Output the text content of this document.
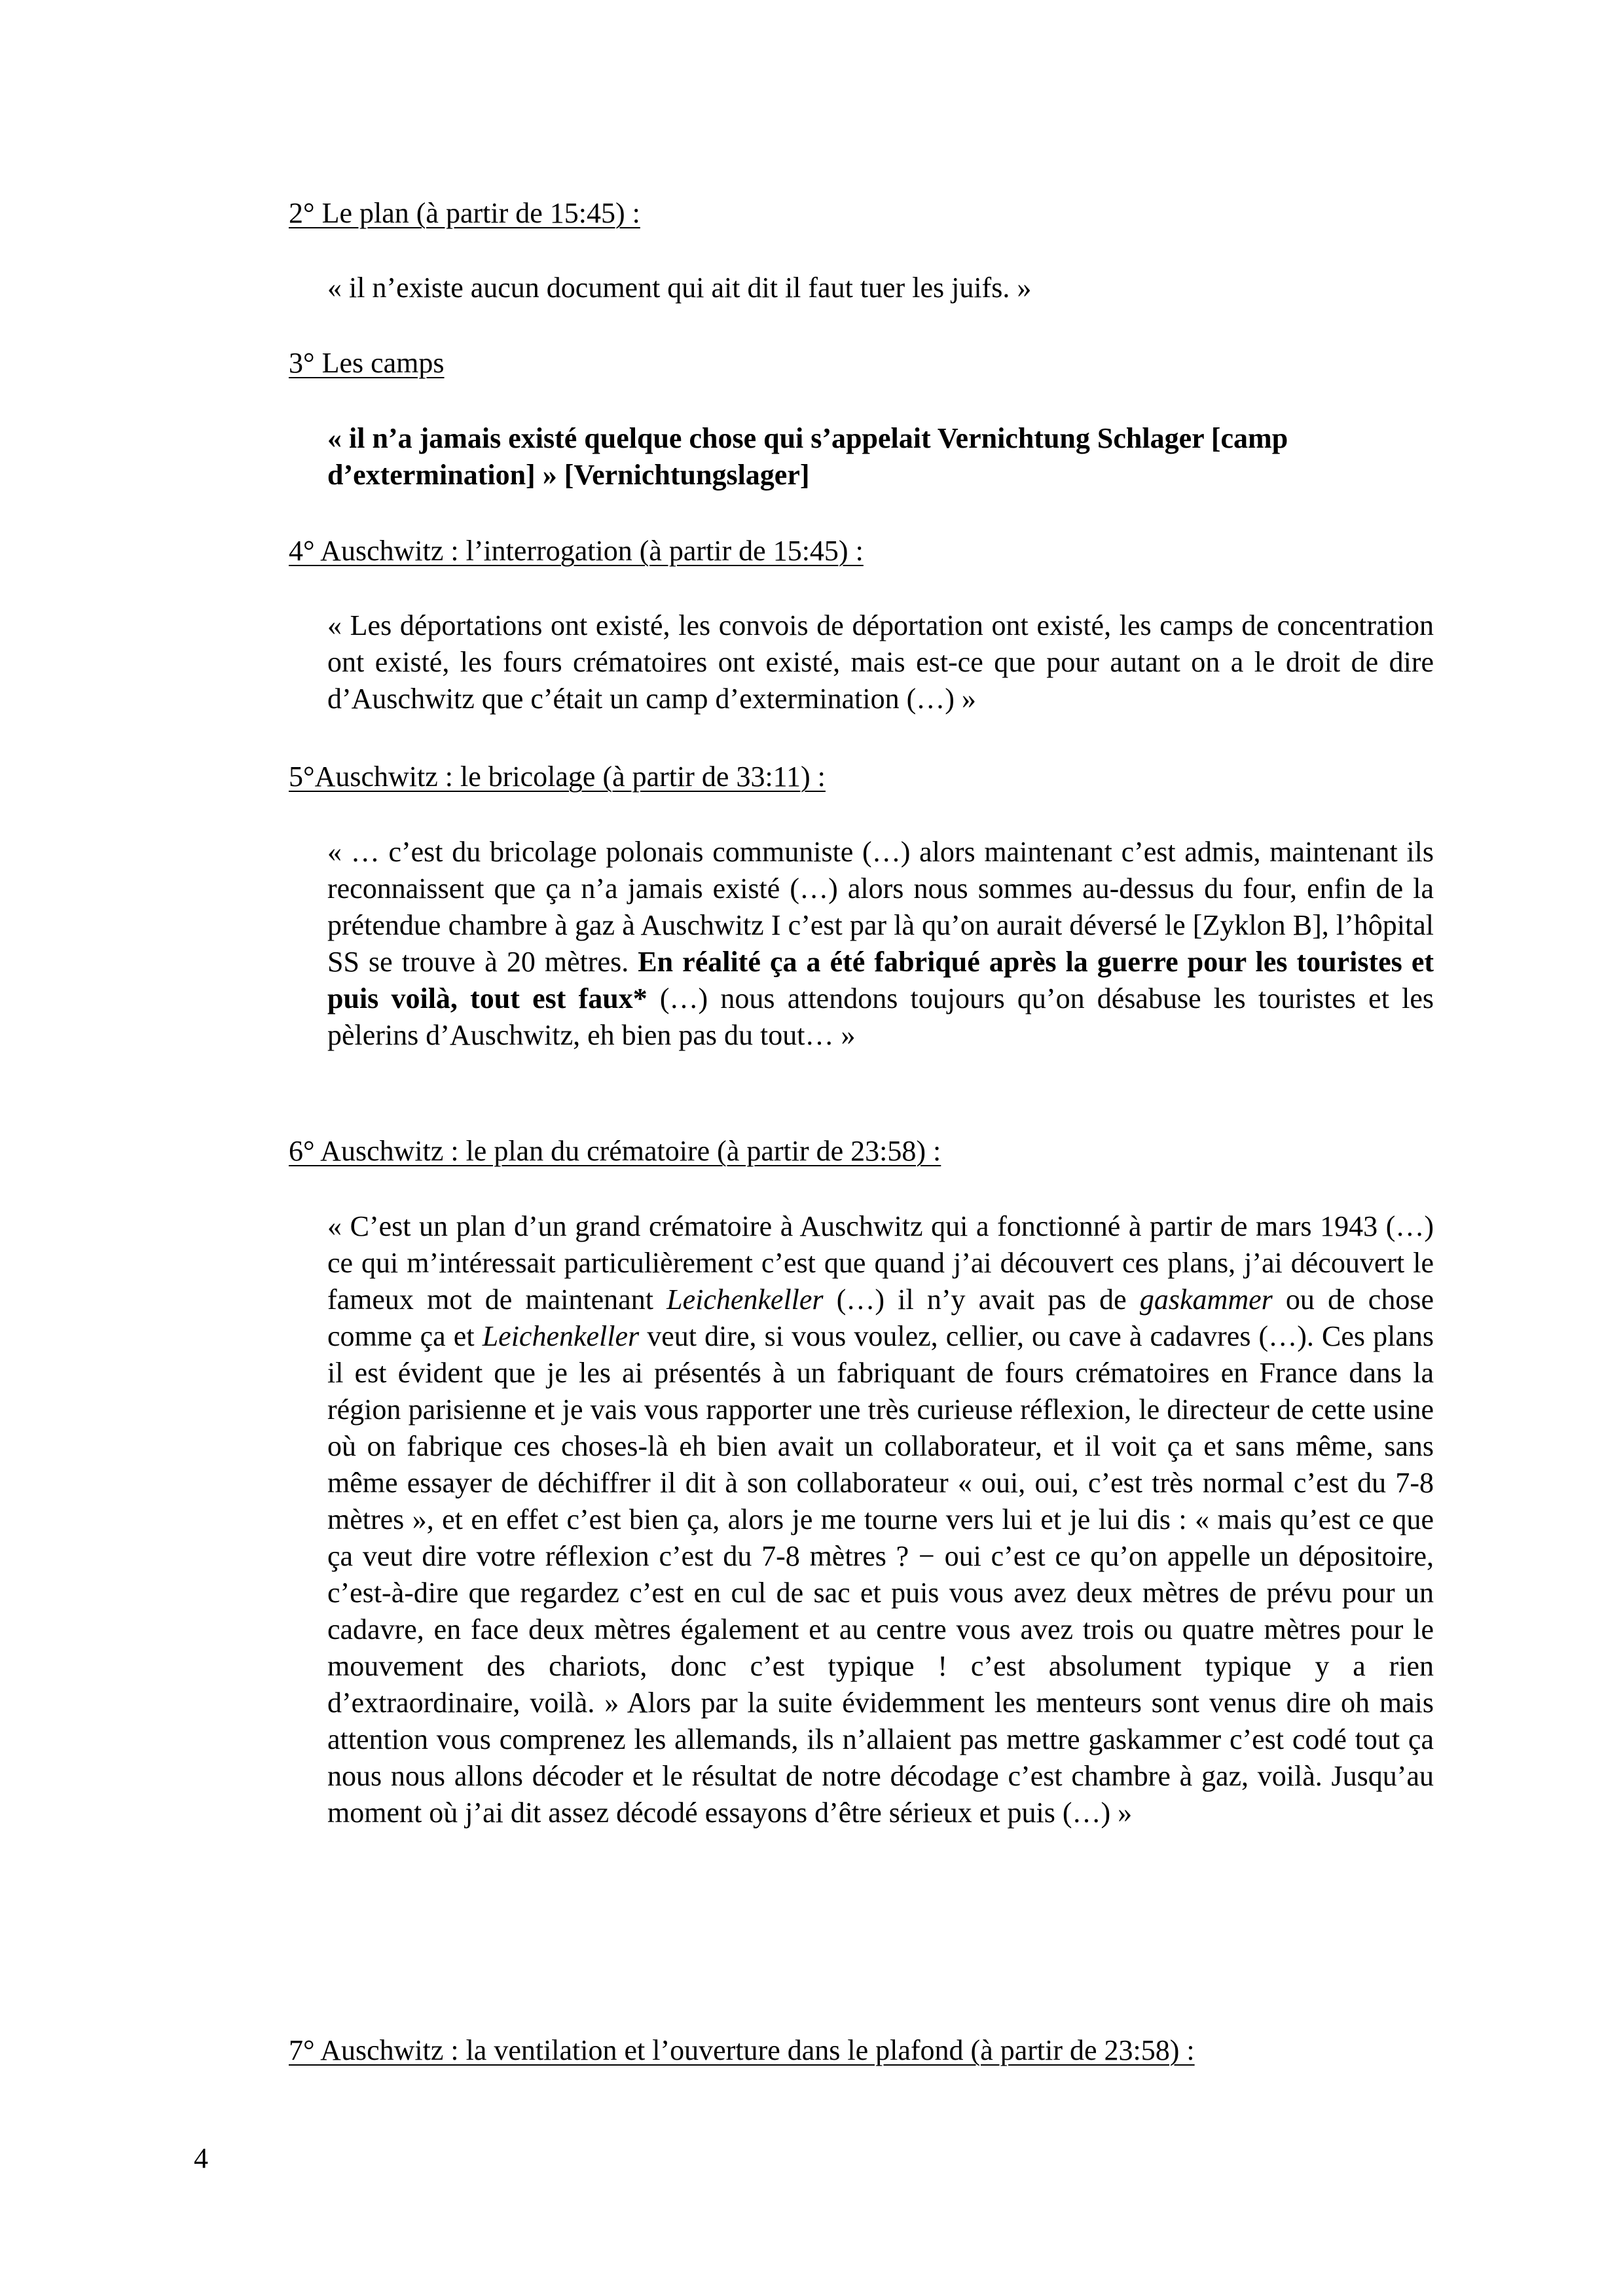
2° Le plan (à partir de 15:45) :

« il n’existe aucun document qui ait dit il faut tuer les juifs. »

3° Les camps

« il n’a jamais existé quelque chose qui s’appelait Vernichtung Schlager [camp d’extermination] » [Vernichtungslager]

4° Auschwitz : l’interrogation (à partir de 15:45) :

« Les déportations ont existé, les convois de déportation ont existé, les camps de concentration ont existé, les fours crématoires ont existé, mais est-ce que pour autant on a le droit de dire d’Auschwitz que c’était un camp d’extermination (…) »

5°Auschwitz : le bricolage (à partir de 33:11) :

« … c’est du bricolage polonais communiste (…) alors maintenant c’est admis, maintenant ils reconnaissent que ça n’a jamais existé (…) alors nous sommes au-dessus du four, enfin de la prétendue chambre à gaz à Auschwitz I c’est par là qu’on aurait déversé le [Zyklon B], l’hôpital SS se trouve à 20 mètres. En réalité ça a été fabriqué après la guerre pour les touristes et puis voilà, tout est faux* (…) nous attendons toujours qu’on désabuse les touristes et les pèlerins d’Auschwitz, eh bien pas du tout… »

6° Auschwitz : le plan du crématoire (à partir de 23:58) :

« C’est un plan d’un grand crématoire à Auschwitz qui a fonctionné à partir de mars 1943 (…) ce qui m’intéressait particulièrement c’est que quand j’ai découvert ces plans, j’ai découvert le fameux mot de maintenant Leichenkeller (…) il n’y avait pas de gaskammer ou de chose comme ça et Leichenkeller veut dire, si vous voulez, cellier, ou cave à cadavres (…). Ces plans il est évident que je les ai présentés à un fabriquant de fours crématoires en France dans la région parisienne et je vais vous rapporter une très curieuse réflexion, le directeur de cette usine où on fabrique ces choses-là eh bien avait un collaborateur, et il voit ça et sans même, sans même essayer de déchiffrer il dit à son collaborateur « oui, oui, c’est très normal c’est du 7-8 mètres », et en effet c’est bien ça, alors je me tourne vers lui et je lui dis : « mais qu’est ce que ça veut dire votre réflexion c’est du 7-8 mètres ? − oui c’est ce qu’on appelle un dépositoire, c’est-à-dire que regardez c’est en cul de sac et puis vous avez deux mètres de prévu pour un cadavre, en face deux mètres également et au centre vous avez trois ou quatre mètres pour le mouvement des chariots, donc c’est typique ! c’est absolument typique y a rien d’extraordinaire, voilà. » Alors par la suite évidemment les menteurs sont venus dire oh mais attention vous comprenez les allemands, ils n’allaient pas mettre gaskammer c’est codé tout ça nous nous allons décoder et le résultat de notre décodage c’est chambre à gaz, voilà. Jusqu’au moment où j’ai dit assez décodé essayons d’être sérieux et puis (…) »

7° Auschwitz : la ventilation et l’ouverture dans le plafond (à partir de 23:58) :
4
